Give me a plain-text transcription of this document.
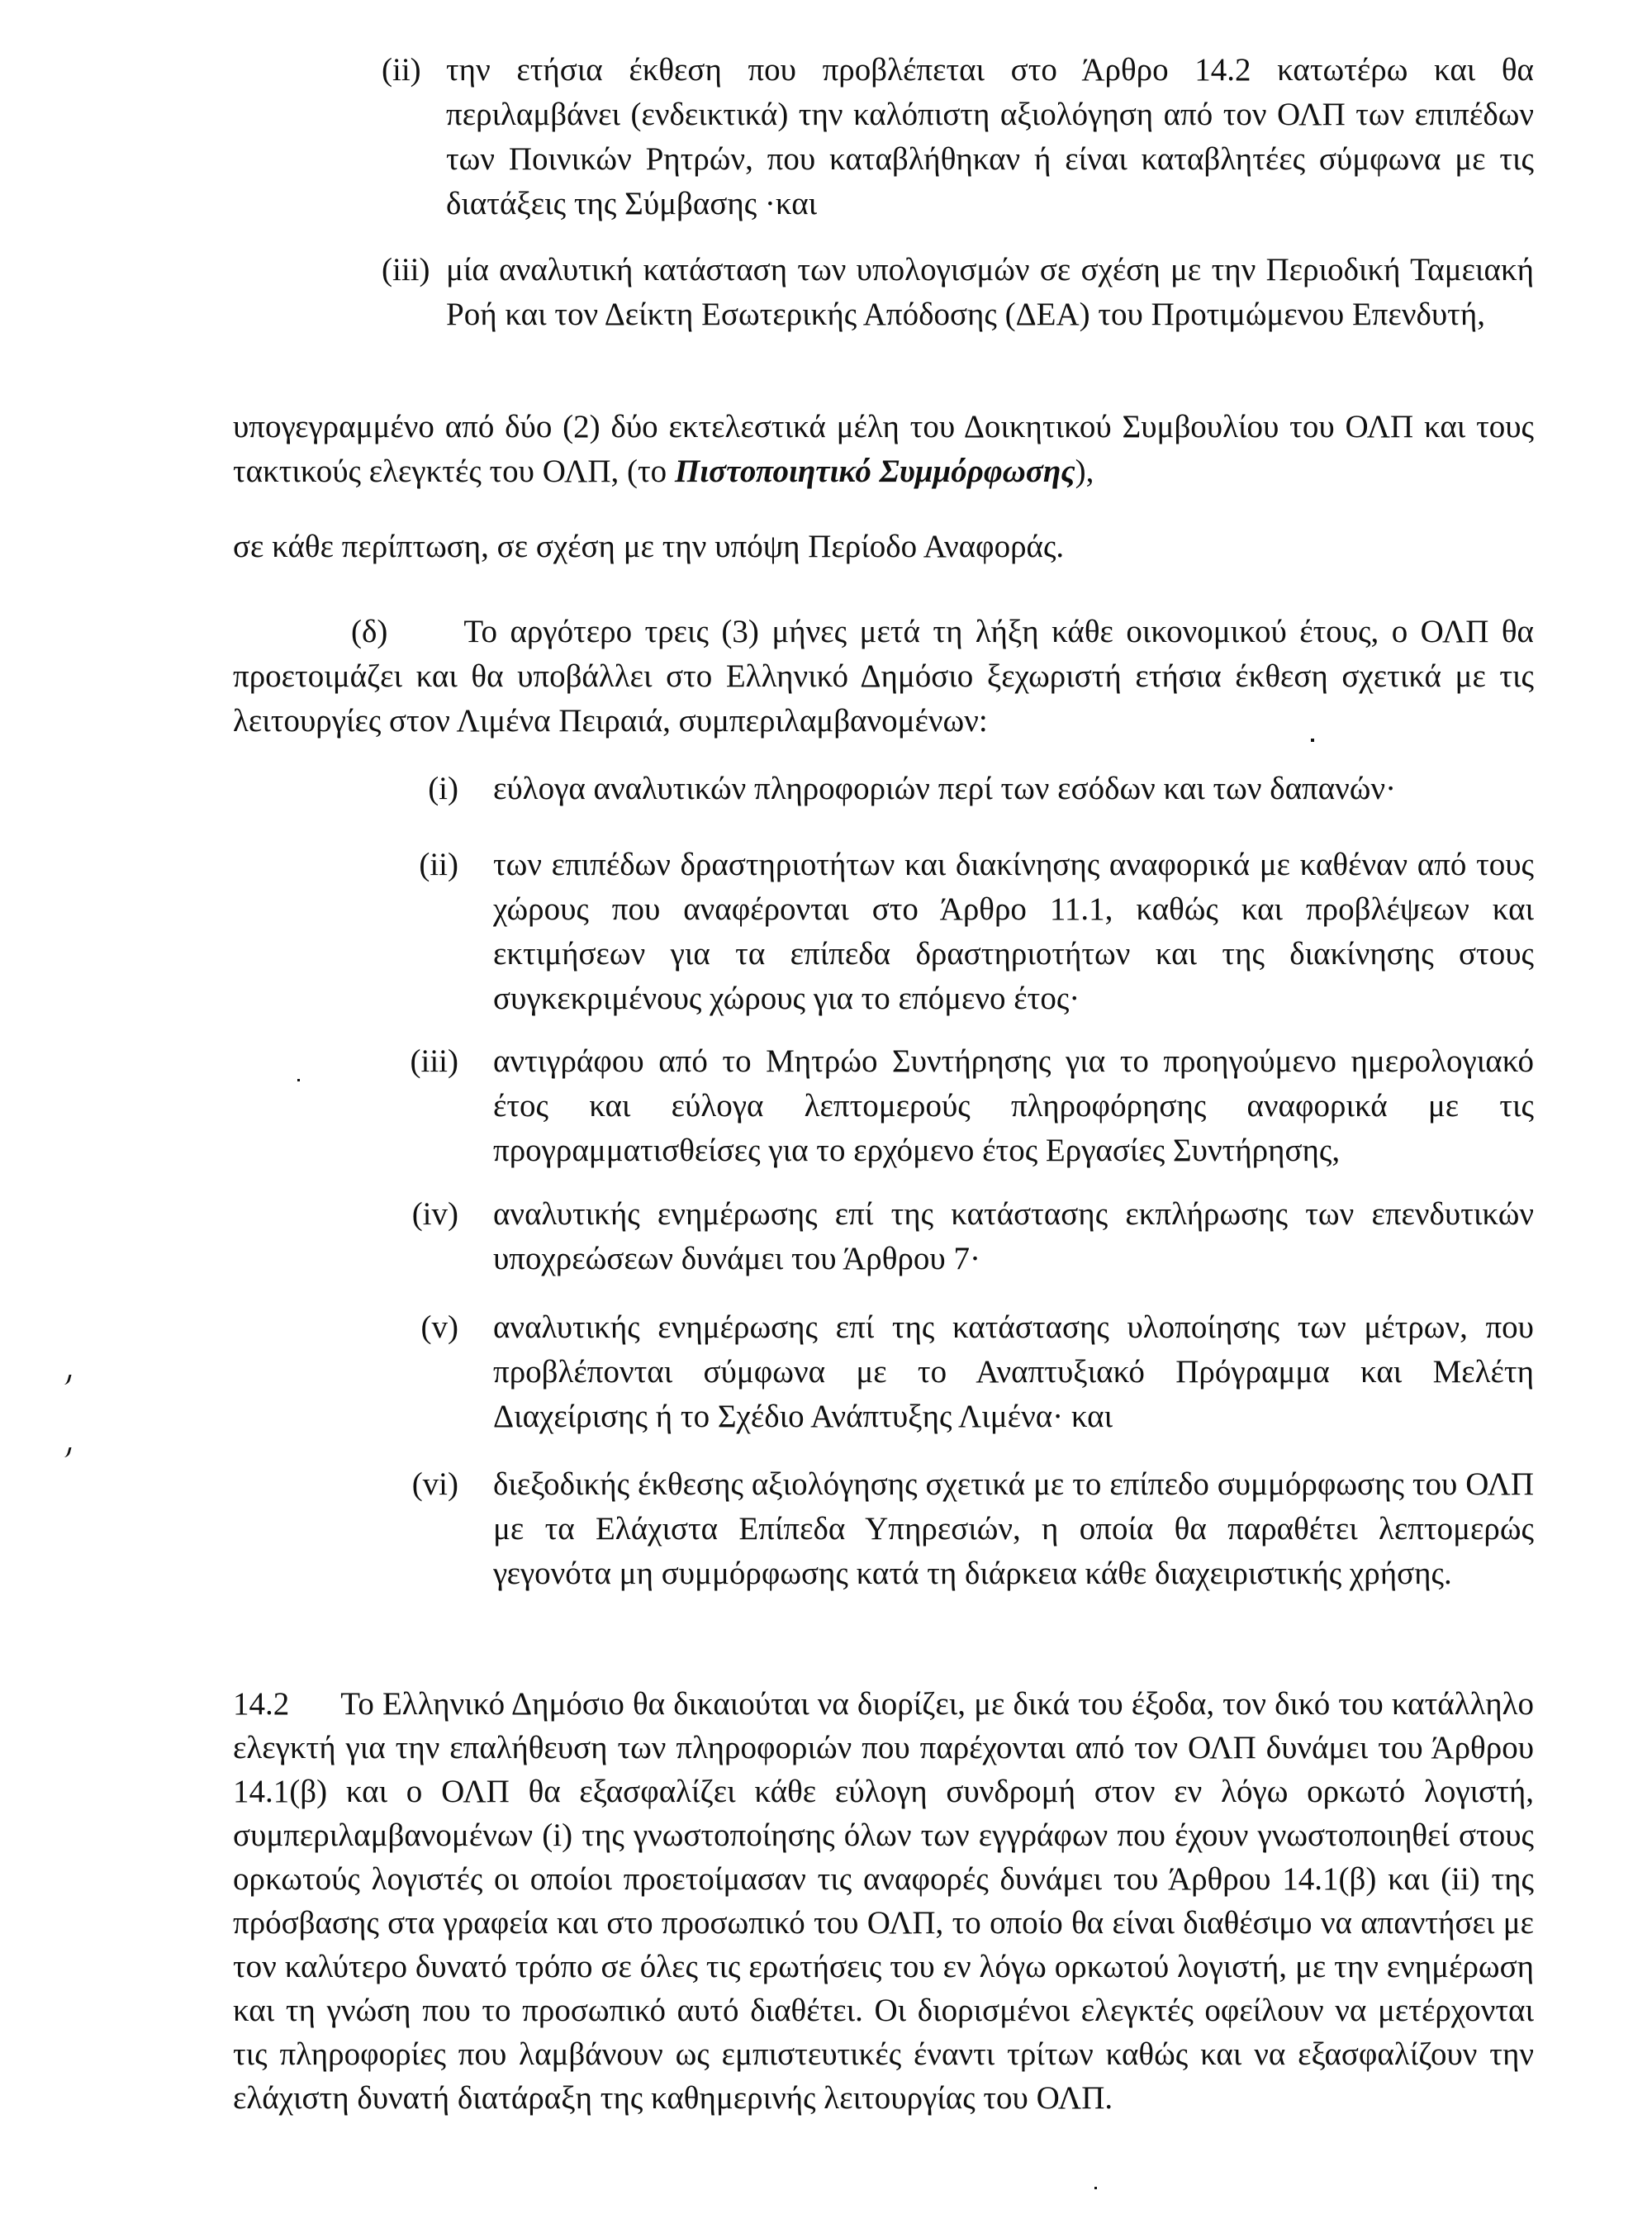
(ii) την ετήσια έκθεση που προβλέπεται στο Άρθρο 14.2 κατωτέρω και θα περιλαμβάνει (ενδεικτικά) την καλόπιστη αξιολόγηση από τον ΟΛΠ των επιπέδων των Ποινικών Ρητρών, που καταβλήθηκαν ή είναι καταβλητέες σύμφωνα με τις διατάξεις της Σύμβασης ·και
(iii) μία αναλυτική κατάσταση των υπολογισμών σε σχέση με την Περιοδική Ταμειακή Ροή και τον Δείκτη Εσωτερικής Απόδοσης (ΔΕΑ) του Προτιμώμενου Επενδυτή,
υπογεγραμμένο από δύο (2) δύο εκτελεστικά μέλη του Δοικητικού Συμβουλίου του ΟΛΠ και τους τακτικούς ελεγκτές του ΟΛΠ, (το Πιστοποιητικό Συμμόρφωσης),
σε κάθε περίπτωση, σε σχέση με την υπόψη Περίοδο Αναφοράς.
(δ) Το αργότερο τρεις (3) μήνες μετά τη λήξη κάθε οικονομικού έτους, ο ΟΛΠ θα προετοιμάζει και θα υποβάλλει στο Ελληνικό Δημόσιο ξεχωριστή ετήσια έκθεση σχετικά με τις λειτουργίες στον Λιμένα Πειραιά, συμπεριλαμβανομένων:
(i) εύλογα αναλυτικών πληροφοριών περί των εσόδων και των δαπανών·
(ii) των επιπέδων δραστηριοτήτων και διακίνησης αναφορικά με καθέναν από τους χώρους που αναφέρονται στο Άρθρο 11.1, καθώς και προβλέψεων και εκτιμήσεων για τα επίπεδα δραστηριοτήτων και της διακίνησης στους συγκεκριμένους χώρους για το επόμενο έτος·
(iii) αντιγράφου από το Μητρώο Συντήρησης για το προηγούμενο ημερολογιακό έτος και εύλογα λεπτομερούς πληροφόρησης αναφορικά με τις προγραμματισθείσες για το ερχόμενο έτος Εργασίες Συντήρησης,
(iv) αναλυτικής ενημέρωσης επί της κατάστασης εκπλήρωσης των επενδυτικών υποχρεώσεων δυνάμει του Άρθρου 7·
(v) αναλυτικής ενημέρωσης επί της κατάστασης υλοποίησης των μέτρων, που προβλέπονται σύμφωνα με το Αναπτυξιακό Πρόγραμμα και Μελέτη Διαχείρισης ή το Σχέδιο Ανάπτυξης Λιμένα· και
(vi) διεξοδικής έκθεσης αξιολόγησης σχετικά με το επίπεδο συμμόρφωσης του ΟΛΠ με τα Ελάχιστα Επίπεδα Υπηρεσιών, η οποία θα παραθέτει λεπτομερώς γεγονότα μη συμμόρφωσης κατά τη διάρκεια κάθε διαχειριστικής χρήσης.
14.2 Το Ελληνικό Δημόσιο θα δικαιούται να διορίζει, με δικά του έξοδα, τον δικό του κατάλληλο ελεγκτή για την επαλήθευση των πληροφοριών που παρέχονται από τον ΟΛΠ δυνάμει του Άρθρου 14.1(β) και ο ΟΛΠ θα εξασφαλίζει κάθε εύλογη συνδρομή στον εν λόγω ορκωτό λογιστή, συμπεριλαμβανομένων (i) της γνωστοποίησης όλων των εγγράφων που έχουν γνωστοποιηθεί στους ορκωτούς λογιστές οι οποίοι προετοίμασαν τις αναφορές δυνάμει του Άρθρου 14.1(β) και (ii) της πρόσβασης στα γραφεία και στο προσωπικό του ΟΛΠ, το οποίο θα είναι διαθέσιμο να απαντήσει με τον καλύτερο δυνατό τρόπο σε όλες τις ερωτήσεις του εν λόγω ορκωτού λογιστή, με την ενημέρωση και τη γνώση που το προσωπικό αυτό διαθέτει. Οι διορισμένοι ελεγκτές οφείλουν να μετέρχονται τις πληροφορίες που λαμβάνουν ως εμπιστευτικές έναντι τρίτων καθώς και να εξασφαλίζουν την ελάχιστη δυνατή διατάραξη της καθημερινής λειτουργίας του ΟΛΠ.
